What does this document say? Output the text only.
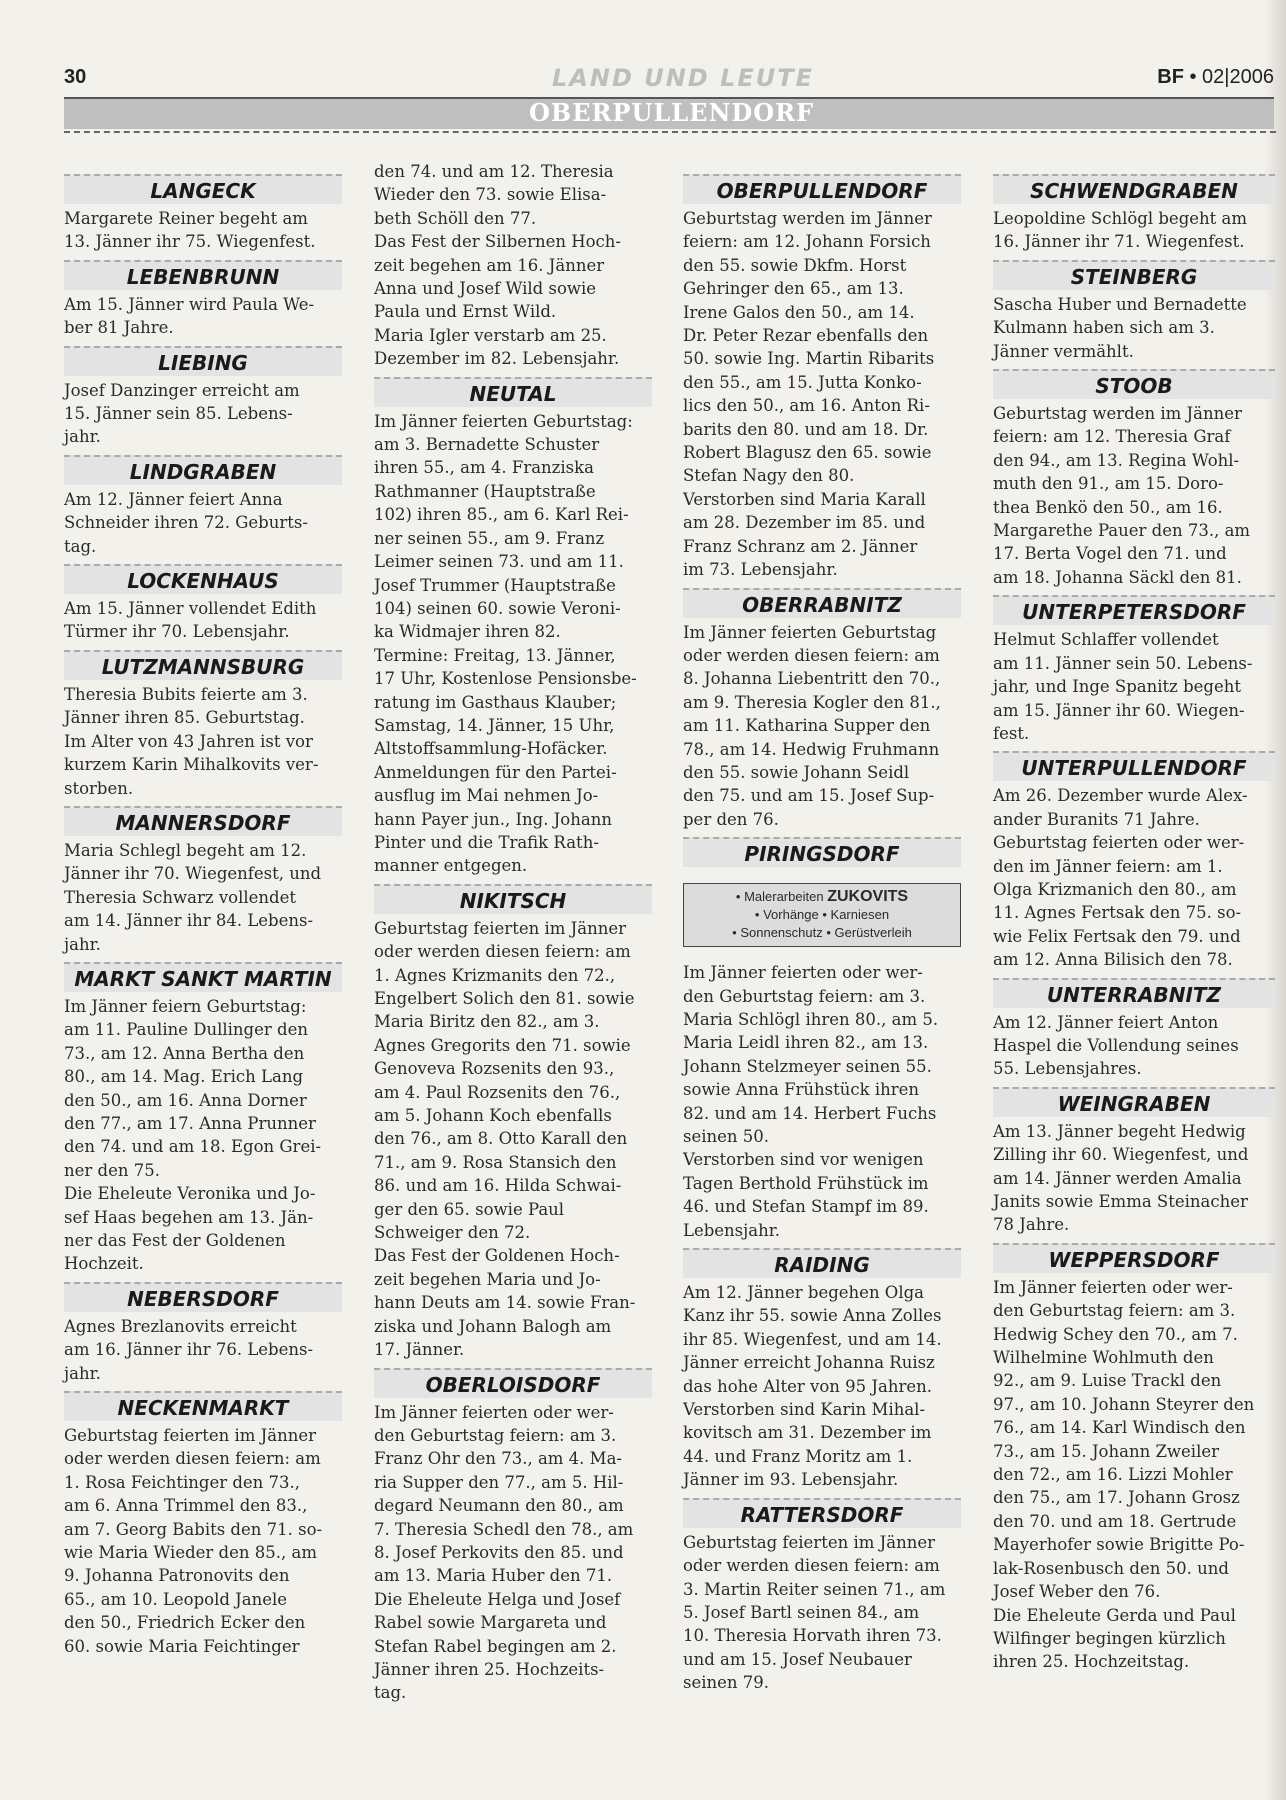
30	LAND UND LEUTE	BF • 02|2006
OBERPULLENDORF
LANGECK
Margarete Reiner begeht am
13. Jänner ihr 75. Wiegenfest.
LEBENBRUNN
Am 15. Jänner wird Paula We-
ber 81 Jahre.
LIEBING
Josef Danzinger erreicht am
15. Jänner sein 85. Lebens-
jahr.
LINDGRABEN
Am 12. Jänner feiert Anna
Schneider ihren 72. Geburts-
tag.
LOCKENHAUS
Am 15. Jänner vollendet Edith
Türmer ihr 70. Lebensjahr.
LUTZMANNSBURG
Theresia Bubits feierte am 3.
Jänner ihren 85. Geburtstag.
Im Alter von 43 Jahren ist vor
kurzem Karin Mihalkovits ver-
storben.
MANNERSDORF
Maria Schlegl begeht am 12.
Jänner ihr 70. Wiegenfest, und
Theresia Schwarz vollendet
am 14. Jänner ihr 84. Lebens-
jahr.
MARKT SANKT MARTIN
Im Jänner feiern Geburtstag:
am 11. Pauline Dullinger den
73., am 12. Anna Bertha den
80., am 14. Mag. Erich Lang
den 50., am 16. Anna Dorner
den 77., am 17. Anna Prunner
den 74. und am 18. Egon Grei-
ner den 75.
Die Eheleute Veronika und Jo-
sef Haas begehen am 13. Jän-
ner das Fest der Goldenen
Hochzeit.
NEBERSDORF
Agnes Brezlanovits erreicht
am 16. Jänner ihr 76. Lebens-
jahr.
NECKENMARKT
Geburtstag feierten im Jänner
oder werden diesen feiern: am
1. Rosa Feichtinger den 73.,
am 6. Anna Trimmel den 83.,
am 7. Georg Babits den 71. so-
wie Maria Wieder den 85., am
9. Johanna Patronovits den
65., am 10. Leopold Janele
den 50., Friedrich Ecker den
60. sowie Maria Feichtinger
den 74. und am 12. Theresia
Wieder den 73. sowie Elisa-
beth Schöll den 77.
Das Fest der Silbernen Hoch-
zeit begehen am 16. Jänner
Anna und Josef Wild sowie
Paula und Ernst Wild.
Maria Igler verstarb am 25.
Dezember im 82. Lebensjahr.
NEUTAL
Im Jänner feierten Geburtstag:
am 3. Bernadette Schuster
ihren 55., am 4. Franziska
Rathmanner (Hauptstraße
102) ihren 85., am 6. Karl Rei-
ner seinen 55., am 9. Franz
Leimer seinen 73. und am 11.
Josef Trummer (Hauptstraße
104) seinen 60. sowie Veroni-
ka Widmajer ihren 82.
Termine: Freitag, 13. Jänner,
17 Uhr, Kostenlose Pensionsbe-
ratung im Gasthaus Klauber;
Samstag, 14. Jänner, 15 Uhr,
Altstoffsammlung-Hofäcker.
Anmeldungen für den Partei-
ausflug im Mai nehmen Jo-
hann Payer jun., Ing. Johann
Pinter und die Trafik Rath-
manner entgegen.
NIKITSCH
Geburtstag feierten im Jänner
oder werden diesen feiern: am
1. Agnes Krizmanits den 72.,
Engelbert Solich den 81. sowie
Maria Biritz den 82., am 3.
Agnes Gregorits den 71. sowie
Genoveva Rozsenits den 93.,
am 4. Paul Rozsenits den 76.,
am 5. Johann Koch ebenfalls
den 76., am 8. Otto Karall den
71., am 9. Rosa Stansich den
86. und am 16. Hilda Schwai-
ger den 65. sowie Paul
Schweiger den 72.
Das Fest der Goldenen Hoch-
zeit begehen Maria und Jo-
hann Deuts am 14. sowie Fran-
ziska und Johann Balogh am
17. Jänner.
OBERLOISDORF
Im Jänner feierten oder wer-
den Geburtstag feiern: am 3.
Franz Ohr den 73., am 4. Ma-
ria Supper den 77., am 5. Hil-
degard Neumann den 80., am
7. Theresia Schedl den 78., am
8. Josef Perkovits den 85. und
am 13. Maria Huber den 71.
Die Eheleute Helga und Josef
Rabel sowie Margareta und
Stefan Rabel begingen am 2.
Jänner ihren 25. Hochzeits-
tag.
OBERPULLENDORF
Geburtstag werden im Jänner
feiern: am 12. Johann Forsich
den 55. sowie Dkfm. Horst
Gehringer den 65., am 13.
Irene Galos den 50., am 14.
Dr. Peter Rezar ebenfalls den
50. sowie Ing. Martin Ribarits
den 55., am 15. Jutta Konko-
lics den 50., am 16. Anton Ri-
barits den 80. und am 18. Dr.
Robert Blagusz den 65. sowie
Stefan Nagy den 80.
Verstorben sind Maria Karall
am 28. Dezember im 85. und
Franz Schranz am 2. Jänner
im 73. Lebensjahr.
OBERRABNITZ
Im Jänner feierten Geburtstag
oder werden diesen feiern: am
8. Johanna Liebentritt den 70.,
am 9. Theresia Kogler den 81.,
am 11. Katharina Supper den
78., am 14. Hedwig Fruhmann
den 55. sowie Johann Seidl
den 75. und am 15. Josef Sup-
per den 76.
PIRINGSDORF
• Malerarbeiten ZUKOVITS
• Vorhänge • Karniesen
• Sonnenschutz • Gerüstverleih
Im Jänner feierten oder wer-
den Geburtstag feiern: am 3.
Maria Schlögl ihren 80., am 5.
Maria Leidl ihren 82., am 13.
Johann Stelzmeyer seinen 55.
sowie Anna Frühstück ihren
82. und am 14. Herbert Fuchs
seinen 50.
Verstorben sind vor wenigen
Tagen Berthold Frühstück im
46. und Stefan Stampf im 89.
Lebensjahr.
RAIDING
Am 12. Jänner begehen Olga
Kanz ihr 55. sowie Anna Zolles
ihr 85. Wiegenfest, und am 14.
Jänner erreicht Johanna Ruisz
das hohe Alter von 95 Jahren.
Verstorben sind Karin Mihal-
kovitsch am 31. Dezember im
44. und Franz Moritz am 1.
Jänner im 93. Lebensjahr.
RATTERSDORF
Geburtstag feierten im Jänner
oder werden diesen feiern: am
3. Martin Reiter seinen 71., am
5. Josef Bartl seinen 84., am
10. Theresia Horvath ihren 73.
und am 15. Josef Neubauer
seinen 79.
SCHWENDGRABEN
Leopoldine Schlögl begeht am
16. Jänner ihr 71. Wiegenfest.
STEINBERG
Sascha Huber und Bernadette
Kulmann haben sich am 3.
Jänner vermählt.
STOOB
Geburtstag werden im Jänner
feiern: am 12. Theresia Graf
den 94., am 13. Regina Wohl-
muth den 91., am 15. Doro-
thea Benkö den 50., am 16.
Margarethe Pauer den 73., am
17. Berta Vogel den 71. und
am 18. Johanna Säckl den 81.
UNTERPETERSDORF
Helmut Schlaffer vollendet
am 11. Jänner sein 50. Lebens-
jahr, und Inge Spanitz begeht
am 15. Jänner ihr 60. Wiegen-
fest.
UNTERPULLENDORF
Am 26. Dezember wurde Alex-
ander Buranits 71 Jahre.
Geburtstag feierten oder wer-
den im Jänner feiern: am 1.
Olga Krizmanich den 80., am
11. Agnes Fertsak den 75. so-
wie Felix Fertsak den 79. und
am 12. Anna Bilisich den 78.
UNTERRABNITZ
Am 12. Jänner feiert Anton
Haspel die Vollendung seines
55. Lebensjahres.
WEINGRABEN
Am 13. Jänner begeht Hedwig
Zilling ihr 60. Wiegenfest, und
am 14. Jänner werden Amalia
Janits sowie Emma Steinacher
78 Jahre.
WEPPERSDORF
Im Jänner feierten oder wer-
den Geburtstag feiern: am 3.
Hedwig Schey den 70., am 7.
Wilhelmine Wohlmuth den
92., am 9. Luise Trackl den
97., am 10. Johann Steyrer den
76., am 14. Karl Windisch den
73., am 15. Johann Zweiler
den 72., am 16. Lizzi Mohler
den 75., am 17. Johann Grosz
den 70. und am 18. Gertrude
Mayerhofer sowie Brigitte Po-
lak-Rosenbusch den 50. und
Josef Weber den 76.
Die Eheleute Gerda und Paul
Wilfinger begingen kürzlich
ihren 25. Hochzeitstag.
